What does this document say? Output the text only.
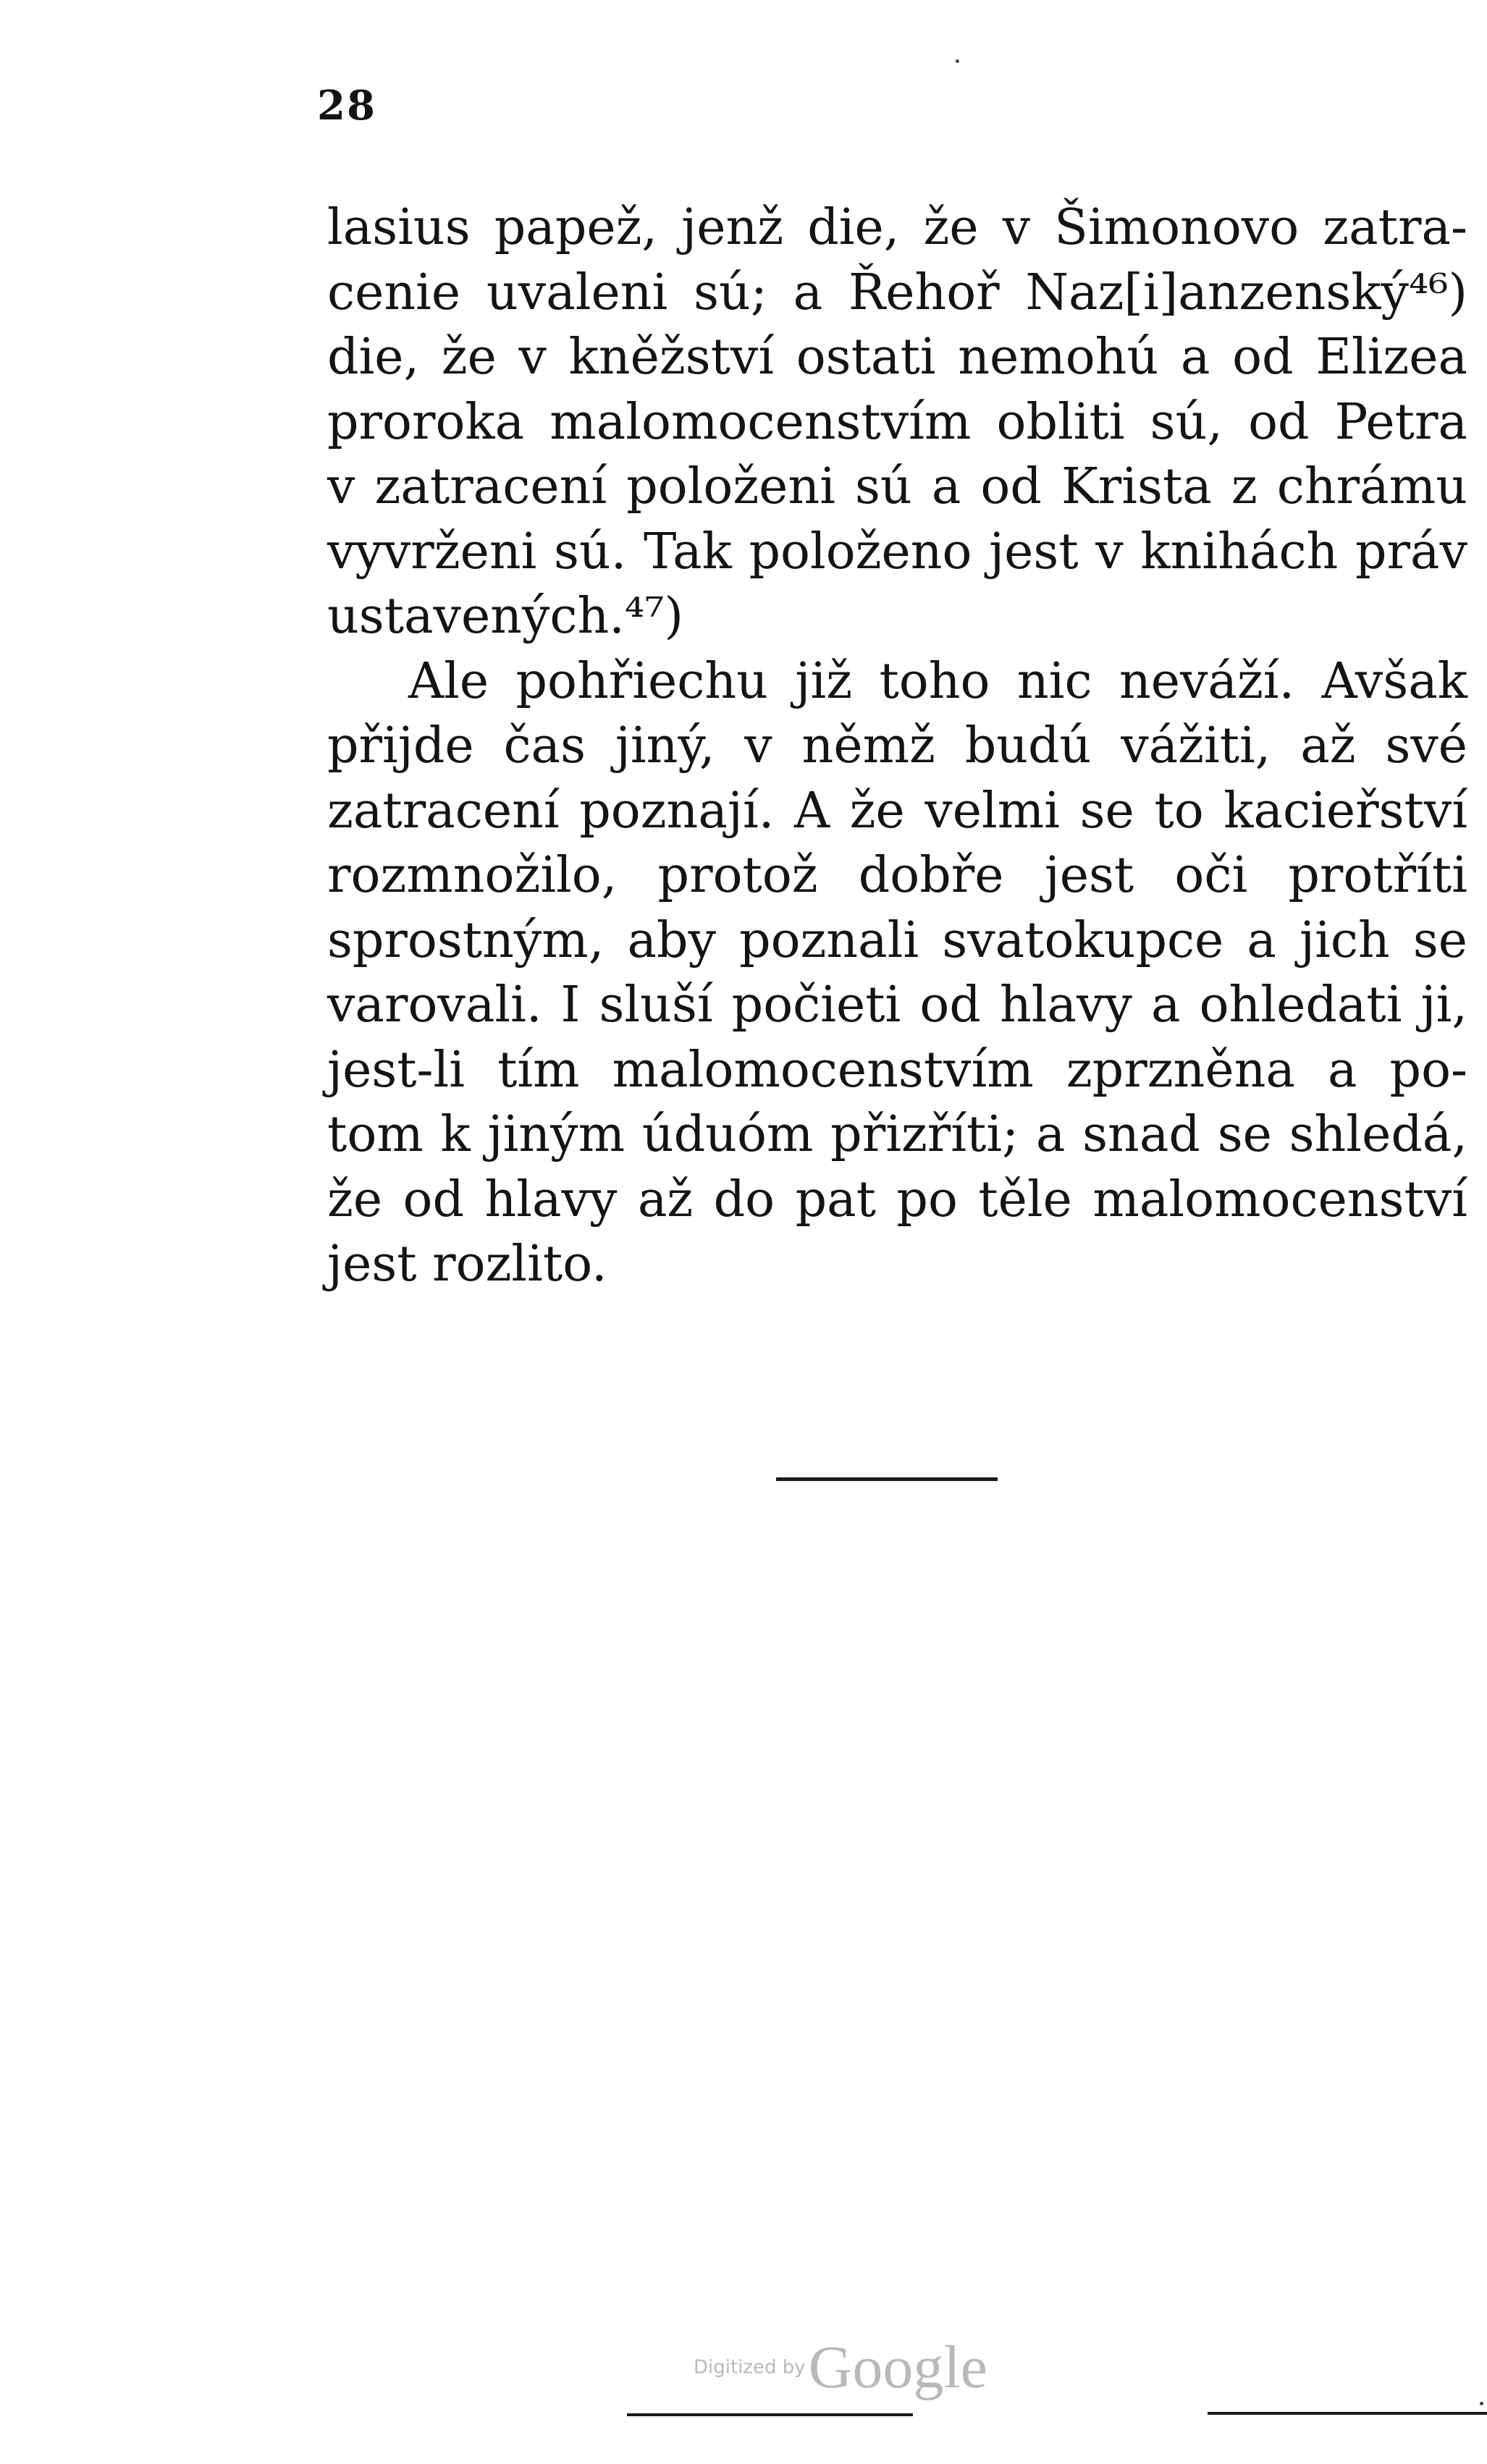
28
lasius papež, jenž die, že v Šimonovo zatra-
cenie uvaleni sú; a Řehoř Naz[i]anzenský⁴⁶)
die, že v kněžství ostati nemohú a od Elizea
proroka malomocenstvím obliti sú, od Petra
v zatracení položeni sú a od Krista z chrámu
vyvrženi sú. Tak položeno jest v knihách práv
ustavených.⁴⁷)
Ale pohřiechu již toho nic neváží. Avšak
přijde čas jiný, v němž budú vážiti, až své
zatracení poznají. A že velmi se to kacieřství
rozmnožilo, protož dobře jest oči protříti
sprostným, aby poznali svatokupce a jich se
varovali. I sluší počieti od hlavy a ohledati ji,
jest-li tím malomocenstvím zprzněna a po-
tom k jiným úduóm přizříti; a snad se shledá,
že od hlavy až do pat po těle malomocenství
jest rozlito.
Digitized byGoogle
